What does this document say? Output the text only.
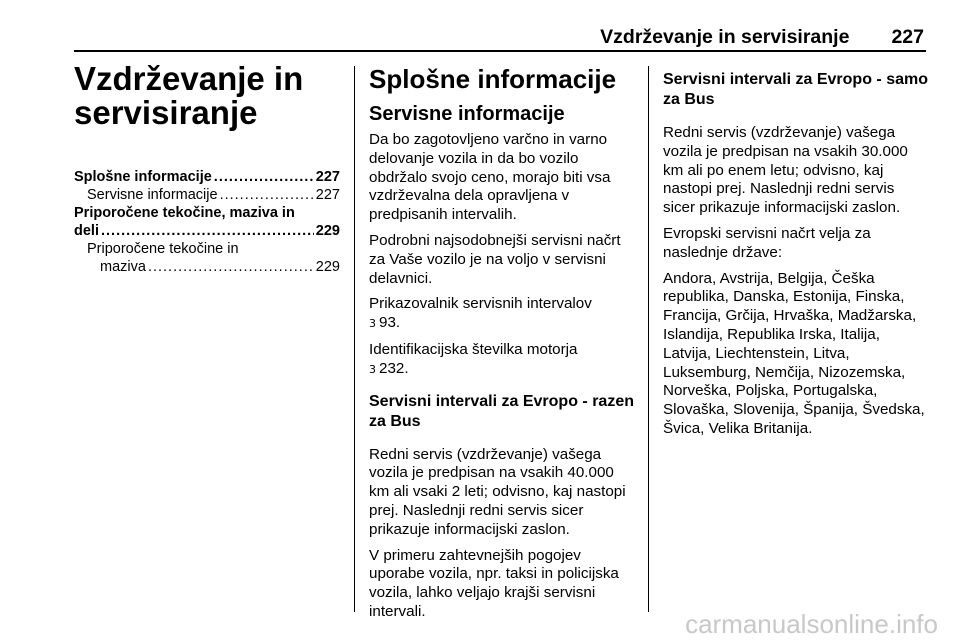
Vzdrževanje in servisiranje 227
Vzdrževanje in
servisiranje
Splošne informacije .....	227
Servisne informacije .....	227
Priporočene tekočine, maziva in
deli .....	229
Priporočene tekočine in
maziva .....	229
Splošne informacije
Servisne informacije

Da bo zagotovljeno varčno in varno delovanje vozila in da bo vozilo obdržalo svojo ceno, morajo biti vsa vzdrževalna dela opravljena v predpisanih intervalih.

Podrobni najsodobnejši servisni načrt za Vaše vozilo je na voljo v servisni delavnici.

Prikazovalnik servisnih intervalov
3 93.

Identifikacijska številka motorja
3 232.

Servisni intervali za Evropo - razen za Bus

Redni servis (vzdrževanje) vašega vozila je predpisan na vsakih 40.000 km ali vsaki 2 leti; odvisno, kaj nastopi prej. Naslednji redni servis sicer prikazuje informacijski zaslon.

V primeru zahtevnejših pogojev uporabe vozila, npr. taksi in policijska vozila, lahko veljajo krajši servisni intervali.

Servisni intervali za Evropo - samo za Bus

Redni servis (vzdrževanje) vašega vozila je predpisan na vsakih 30.000 km ali po enem letu; odvisno, kaj nastopi prej. Naslednji redni servis sicer prikazuje informacijski zaslon.

Evropski servisni načrt velja za naslednje države:

Andora, Avstrija, Belgija, Češka republika, Danska, Estonija, Finska, Francija, Grčija, Hrvaška, Madžarska, Islandija, Republika Irska, Italija, Latvija, Liechtenstein, Litva, Luksemburg, Nemčija, Nizozemska, Norveška, Poljska, Portugalska, Slovaška, Slovenija, Španija, Švedska, Švica, Velika Britanija.

carmanualsonline.info
